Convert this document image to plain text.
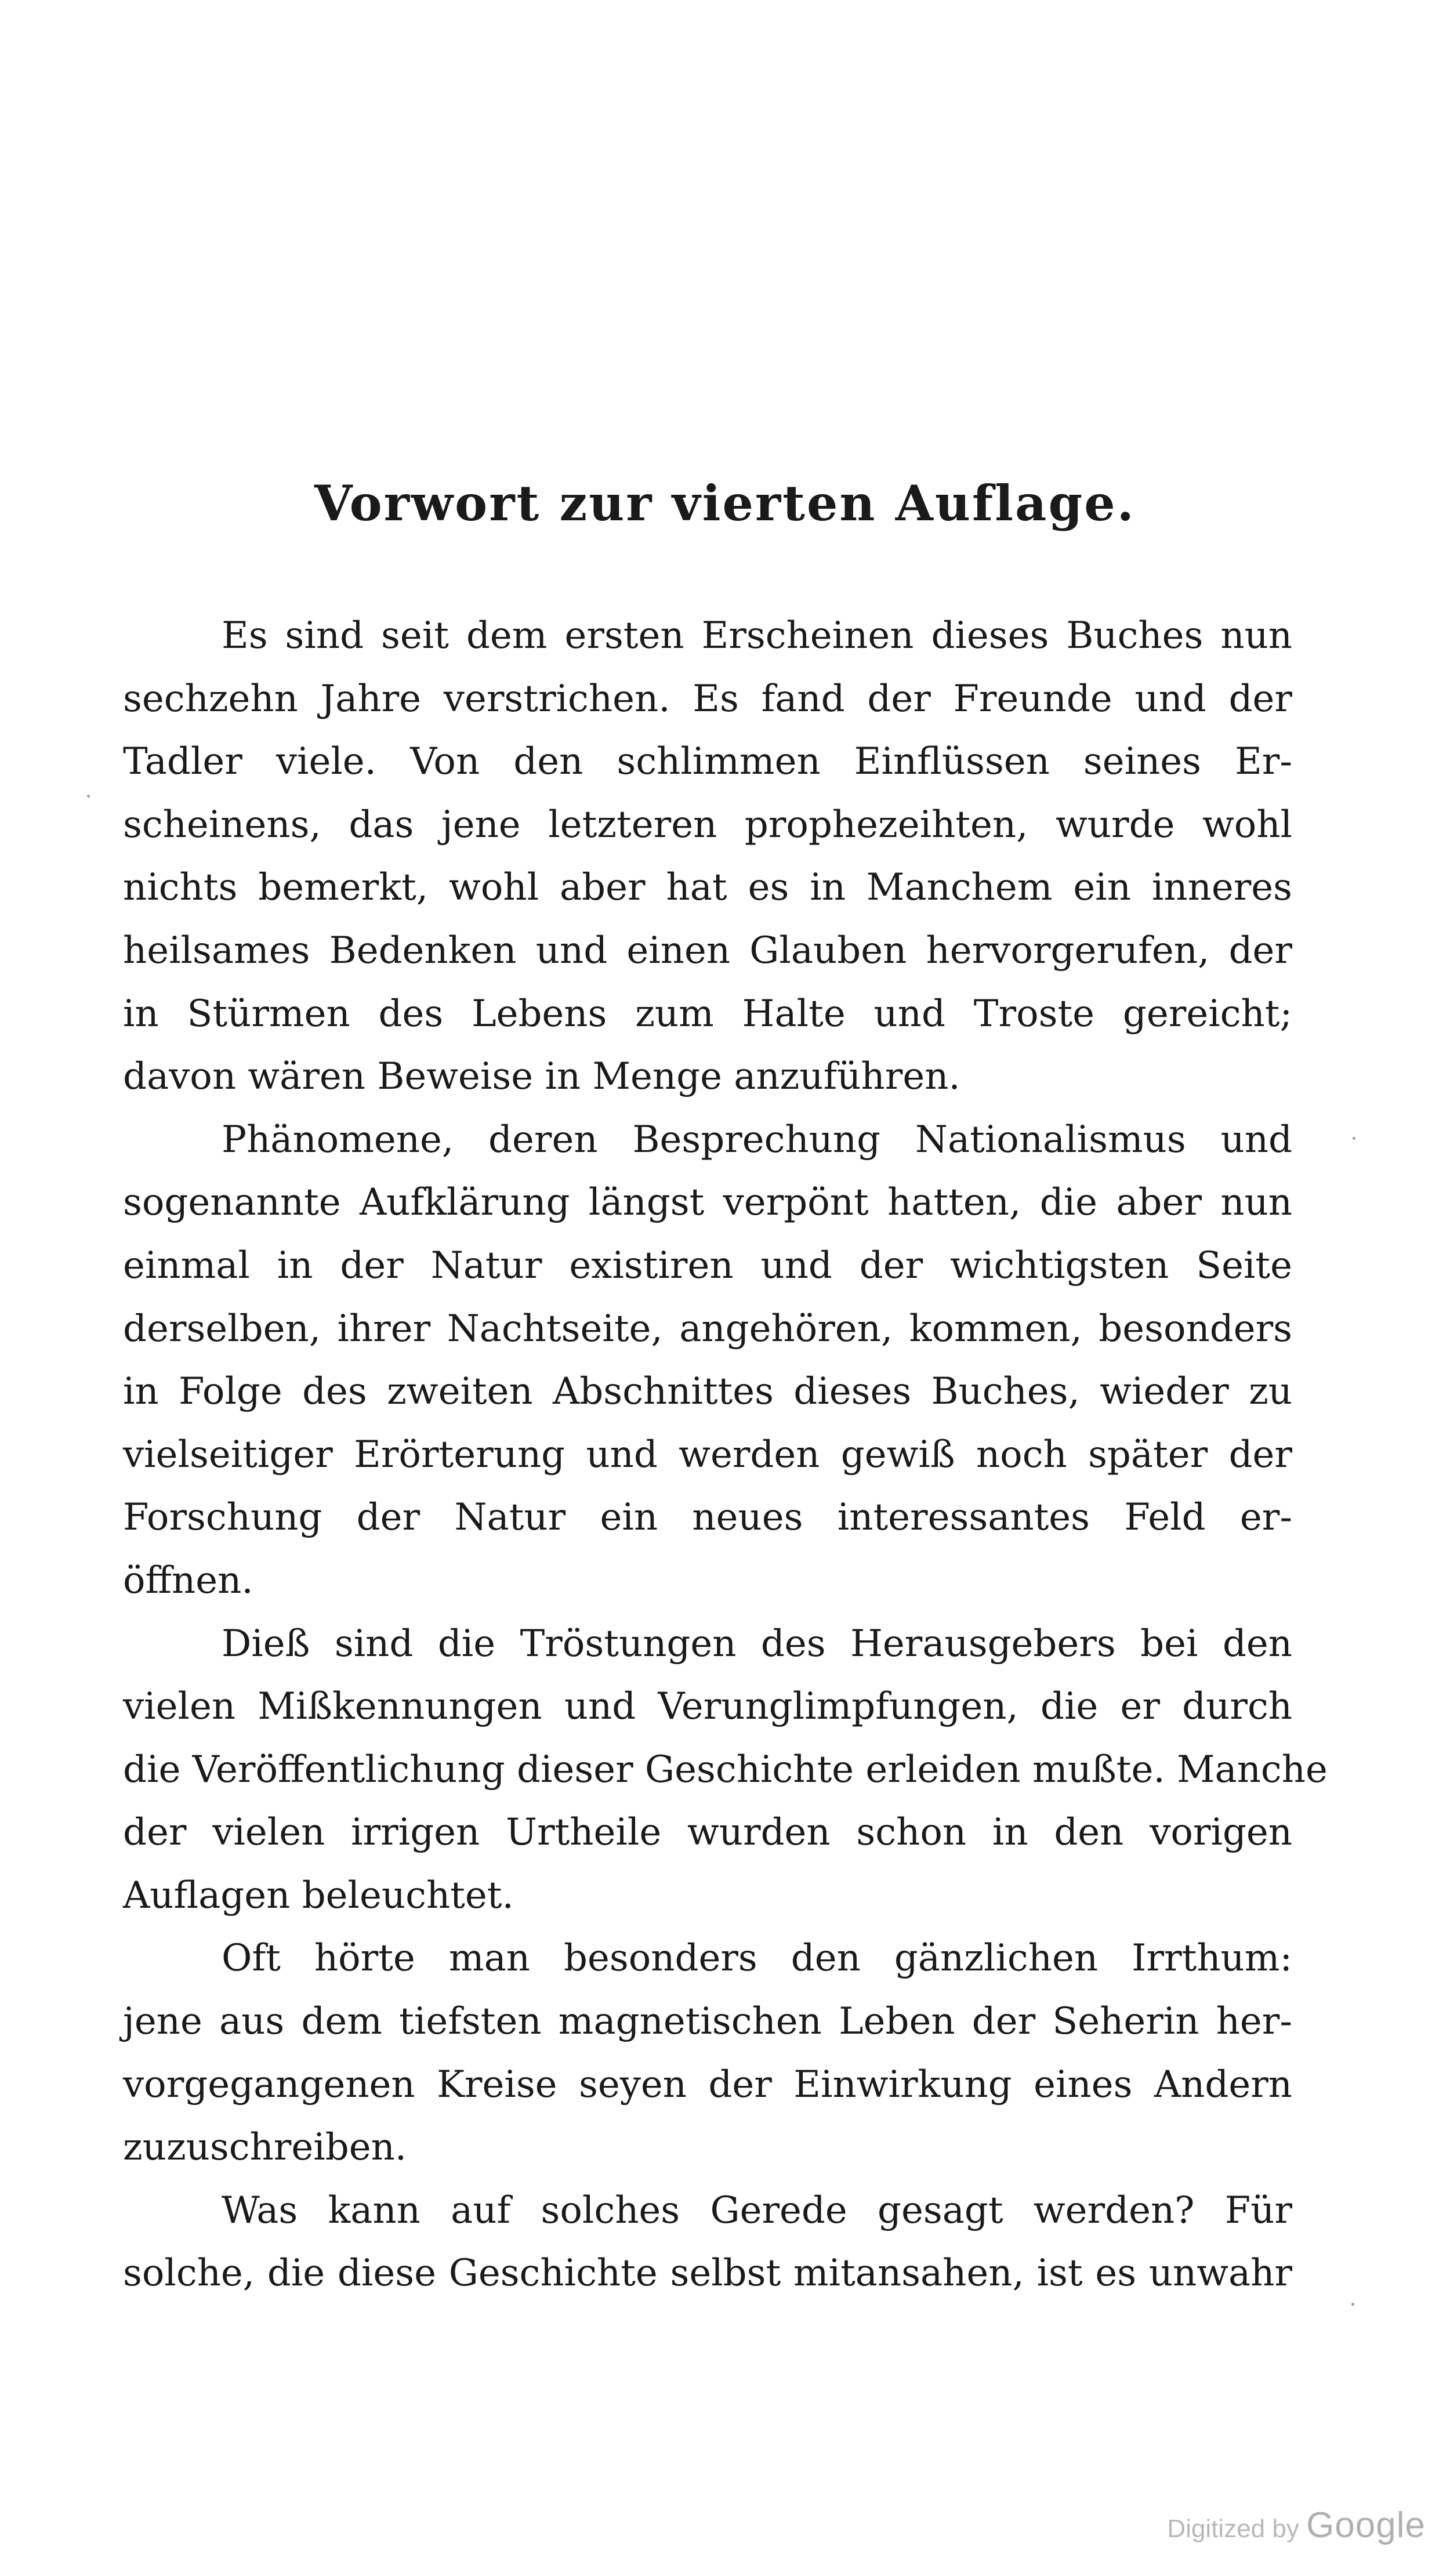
Vorwort zur vierten Auflage.
Es sind seit dem ersten Erscheinen dieses Buches nun
sechzehn Jahre verstrichen. Es fand der Freunde und der
Tadler viele. Von den schlimmen Einflüssen seines Er-
scheinens, das jene letzteren prophezeihten, wurde wohl
nichts bemerkt, wohl aber hat es in Manchem ein inneres
heilsames Bedenken und einen Glauben hervorgerufen, der
in Stürmen des Lebens zum Halte und Troste gereicht;
davon wären Beweise in Menge anzuführen.
Phänomene, deren Besprechung Nationalismus und
sogenannte Aufklärung längst verpönt hatten, die aber nun
einmal in der Natur existiren und der wichtigsten Seite
derselben, ihrer Nachtseite, angehören, kommen, besonders
in Folge des zweiten Abschnittes dieses Buches, wieder zu
vielseitiger Erörterung und werden gewiß noch später der
Forschung der Natur ein neues interessantes Feld er-
öffnen.
Dieß sind die Tröstungen des Herausgebers bei den
vielen Mißkennungen und Verunglimpfungen, die er durch
die Veröffentlichung dieser Geschichte erleiden mußte. Manche
der vielen irrigen Urtheile wurden schon in den vorigen
Auflagen beleuchtet.
Oft hörte man besonders den gänzlichen Irrthum:
jene aus dem tiefsten magnetischen Leben der Seherin her-
vorgegangenen Kreise seyen der Einwirkung eines Andern
zuzuschreiben.
Was kann auf solches Gerede gesagt werden? Für
solche, die diese Geschichte selbst mitansahen, ist es unwahr
Digitized by Google
